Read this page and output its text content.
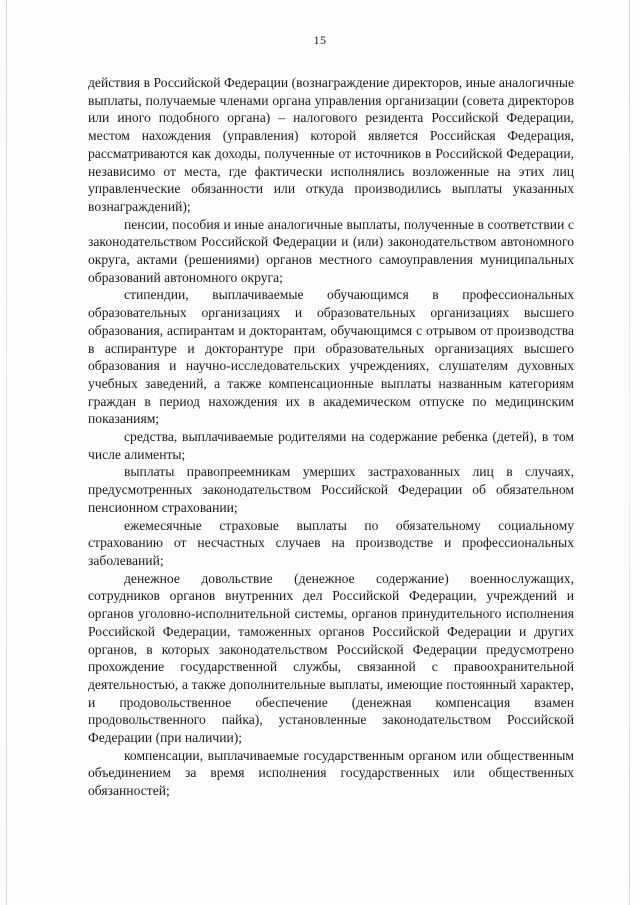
15

действия в Российской Федерации (вознаграждение директоров, иные аналогичные выплаты, получаемые членами органа управления организации (совета директоров или иного подобного органа) – налогового резидента Российской Федерации, местом нахождения (управления) которой является Российская Федерация, рассматриваются как доходы, полученные от источников в Российской Федерации, независимо от места, где фактически исполнялись возложенные на этих лиц управленческие обязанности или откуда производились выплаты указанных вознаграждений);

пенсии, пособия и иные аналогичные выплаты, полученные в соответствии с законодательством Российской Федерации и (или) законодательством автономного округа, актами (решениями) органов местного самоуправления муниципальных образований автономного округа;

стипендии, выплачиваемые обучающимся в профессиональных образовательных организациях и образовательных организациях высшего образования, аспирантам и докторантам, обучающимся с отрывом от производства в аспирантуре и докторантуре при образовательных организациях высшего образования и научно-исследовательских учреждениях, слушателям духовных учебных заведений, а также компенсационные выплаты названным категориям граждан в период нахождения их в академическом отпуске по медицинским показаниям;

средства, выплачиваемые родителями на содержание ребенка (детей), в том числе алименты;

выплаты правопреемникам умерших застрахованных лиц в случаях, предусмотренных законодательством Российской Федерации об обязательном пенсионном страховании;

ежемесячные страховые выплаты по обязательному социальному страхованию от несчастных случаев на производстве и профессиональных заболеваний;

денежное довольствие (денежное содержание) военнослужащих, сотрудников органов внутренних дел Российской Федерации, учреждений и органов уголовно-исполнительной системы, органов принудительного исполнения Российской Федерации, таможенных органов Российской Федерации и других органов, в которых законодательством Российской Федерации предусмотрено прохождение государственной службы, связанной с правоохранительной деятельностью, а также дополнительные выплаты, имеющие постоянный характер, и продовольственное обеспечение (денежная компенсация взамен продовольственного пайка), установленные законодательством Российской Федерации (при наличии);

компенсации, выплачиваемые государственным органом или общественным объединением за время исполнения государственных или общественных обязанностей;
